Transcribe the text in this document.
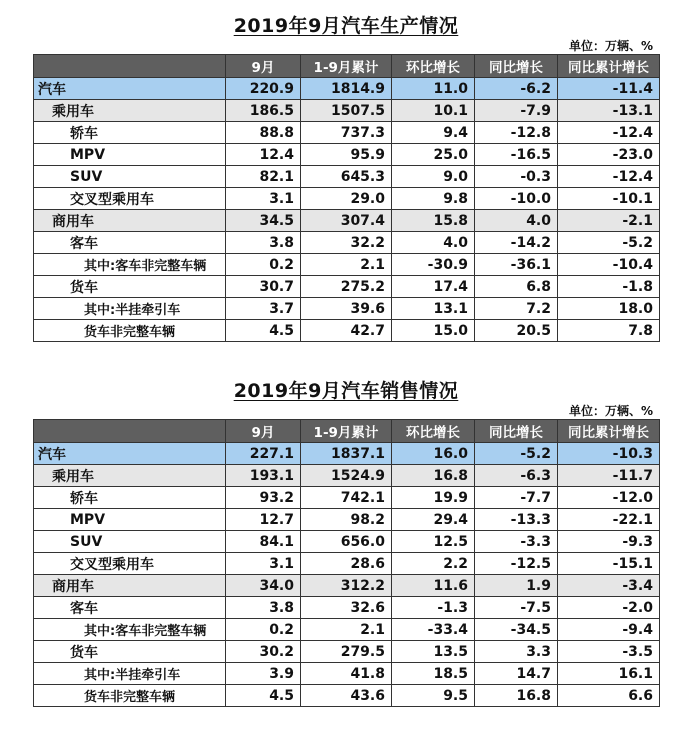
2019年9月汽车生产情况
单位：万辆、%
	9月	1-9月累计	环比增长	同比增长	同比累计增长
汽车	220.9	1814.9	11.0	-6.2	-11.4
乘用车	186.5	1507.5	10.1	-7.9	-13.1
轿车	88.8	737.3	9.4	-12.8	-12.4
MPV	12.4	95.9	25.0	-16.5	-23.0
SUV	82.1	645.3	9.0	-0.3	-12.4
交叉型乘用车	3.1	29.0	9.8	-10.0	-10.1
商用车	34.5	307.4	15.8	4.0	-2.1
客车	3.8	32.2	4.0	-14.2	-5.2
其中:客车非完整车辆	0.2	2.1	-30.9	-36.1	-10.4
货车	30.7	275.2	17.4	6.8	-1.8
其中:半挂牵引车	3.7	39.6	13.1	7.2	18.0
货车非完整车辆	4.5	42.7	15.0	20.5	7.8
2019年9月汽车销售情况
单位：万辆、%
	9月	1-9月累计	环比增长	同比增长	同比累计增长
汽车	227.1	1837.1	16.0	-5.2	-10.3
乘用车	193.1	1524.9	16.8	-6.3	-11.7
轿车	93.2	742.1	19.9	-7.7	-12.0
MPV	12.7	98.2	29.4	-13.3	-22.1
SUV	84.1	656.0	12.5	-3.3	-9.3
交叉型乘用车	3.1	28.6	2.2	-12.5	-15.1
商用车	34.0	312.2	11.6	1.9	-3.4
客车	3.8	32.6	-1.3	-7.5	-2.0
其中:客车非完整车辆	0.2	2.1	-33.4	-34.5	-9.4
货车	30.2	279.5	13.5	3.3	-3.5
其中:半挂牵引车	3.9	41.8	18.5	14.7	16.1
货车非完整车辆	4.5	43.6	9.5	16.8	6.6
